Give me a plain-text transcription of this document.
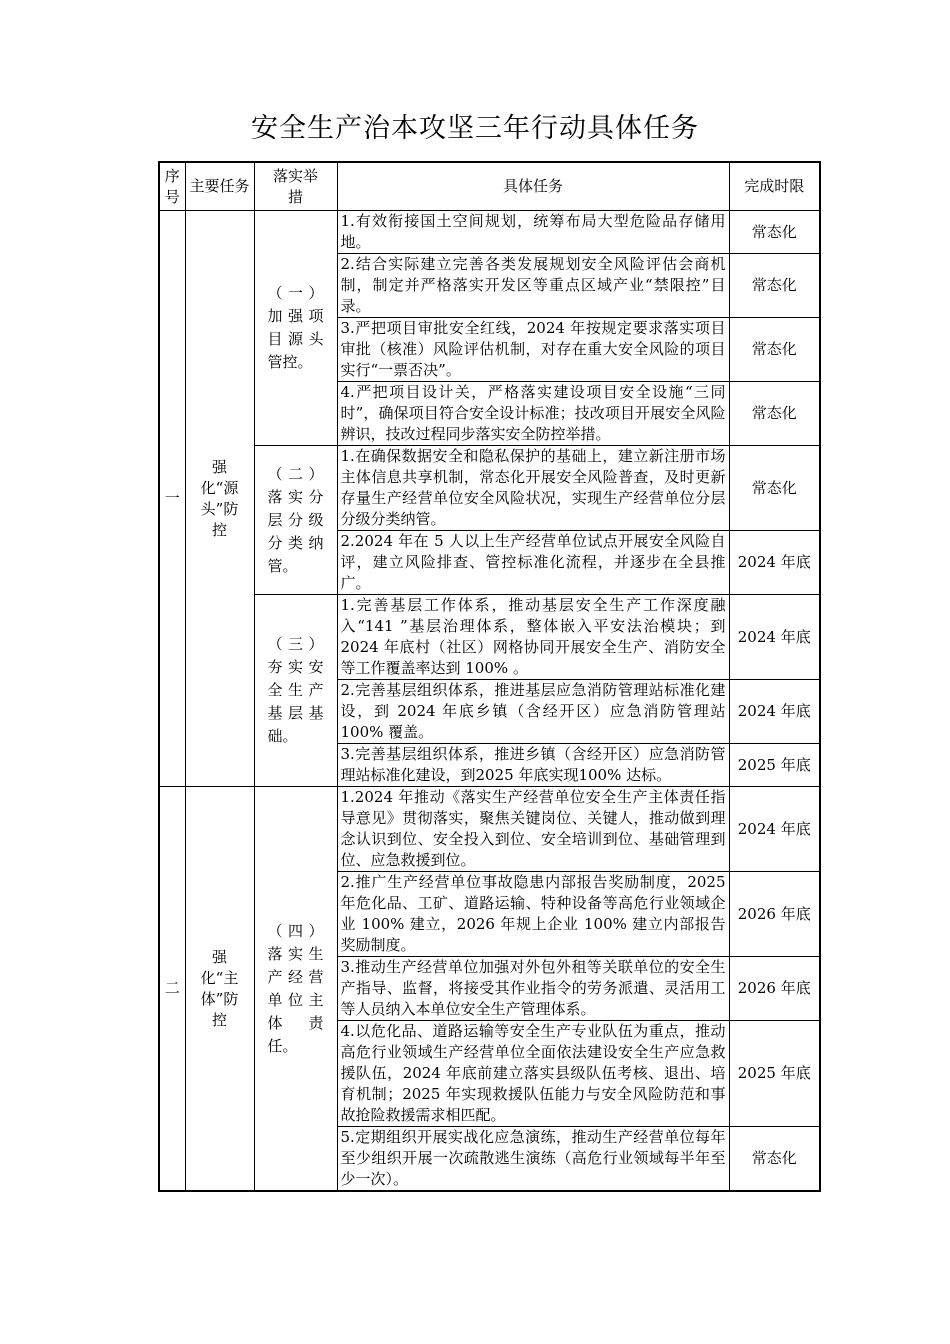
安全生产治本攻坚三年行动具体任务
序号	主要任务	落实举措	具体任务	完成时限
一	强化“源头”防控	（一）加强项目源头管控。	1.有效衔接国土空间规划，统筹布局大型危险品存储用地。	常态化
			2.结合实际建立完善各类发展规划安全风险评估会商机制，制定并严格落实开发区等重点区域产业“禁限控”目录。	常态化
			3.严把项目审批安全红线，2024 年按规定要求落实项目审批（核准）风险评估机制，对存在重大安全风险的项目实行“一票否决”。	常态化
			4.严把项目设计关，严格落实建设项目安全设施“三同时”，确保项目符合安全设计标准；技改项目开展安全风险辨识，技改过程同步落实安全防控举措。	常态化

		（二）落实分层分级分类纳管。	1.在确保数据安全和隐私保护的基础上，建立新注册市场主体信息共享机制，常态化开展安全风险普查，及时更新存量生产经营单位安全风险状况，实现生产经营单位分层分级分类纳管。	常态化
			2.2024 年在 5 人以上生产经营单位试点开展安全风险自评，建立风险排查、管控标准化流程，并逐步在全县推广。	2024 年底

		（三）夯实安全生产基层基础。	1.完善基层工作体系，推动基层安全生产工作深度融入“141 ”基层治理体系，整体嵌入平安法治模块；到 2024 年底村（社区）网格协同开展安全生产、消防安全等工作覆盖率达到 100% 。	2024 年底
			2.完善基层组织体系，推进基层应急消防管理站标准化建设，到 2024 年底乡镇（含经开区）应急消防管理站 100% 覆盖。	2024 年底
			3.完善基层组织体系，推进乡镇（含经开区）应急消防管理站标准化建设，到2025 年底实现100% 达标。	2025 年底
二	强化“主体”防控	（四）落实生产经营单位主体责任。	1.2024 年推动《落实生产经营单位安全生产主体责任指导意见》贯彻落实，聚焦关键岗位、关键人，推动做到理念认识到位、安全投入到位、安全培训到位、基础管理到位、应急救援到位。	2024 年底
			2.推广生产经营单位事故隐患内部报告奖励制度，2025 年危化品、工矿、道路运输、特种设备等高危行业领域企业 100% 建立，2026 年规上企业 100% 建立内部报告奖励制度。	2026 年底
			3.推动生产经营单位加强对外包外租等关联单位的安全生产指导、监督，将接受其作业指令的劳务派遣、灵活用工等人员纳入本单位安全生产管理体系。	2026 年底
			4.以危化品、道路运输等安全生产专业队伍为重点，推动高危行业领域生产经营单位全面依法建设安全生产应急救援队伍，2024 年底前建立落实县级队伍考核、退出、培育机制；2025 年实现救援队伍能力与安全风险防范和事故抢险救援需求相匹配。	2025 年底
			5.定期组织开展实战化应急演练，推动生产经营单位每年至少组织开展一次疏散逃生演练（高危行业领域每半年至少一次）。	常态化
